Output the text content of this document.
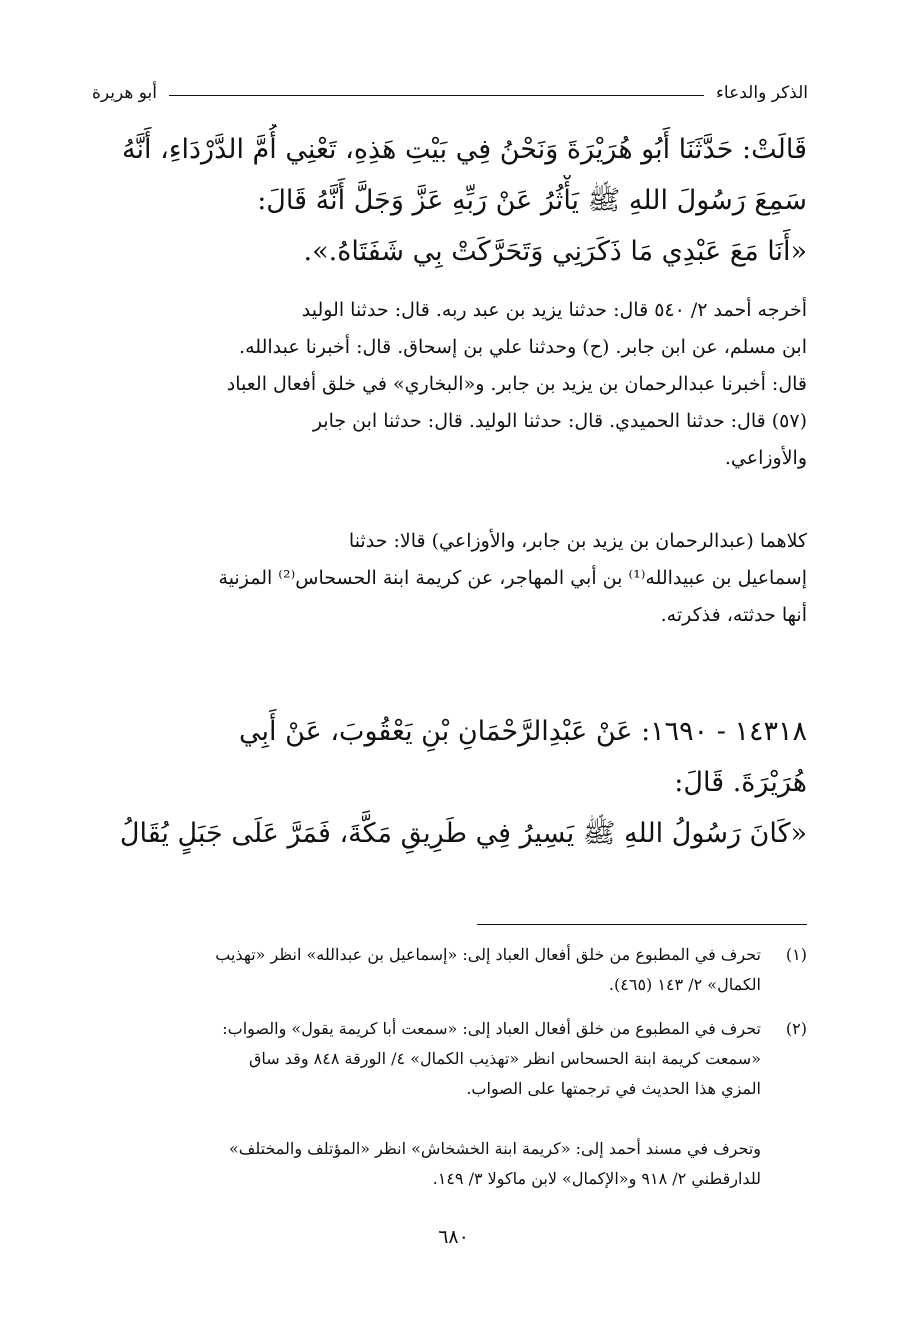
الذكر والدعاء
أبو هريرة
قَالَتْ: حَدَّثَنَا أَبُو هُرَيْرَةَ وَنَحْنُ فِي بَيْتِ هَذِهِ، تَعْنِي أُمَّ الدَّرْدَاءِ، أَنَّهُ
سَمِعَ رَسُولَ اللهِ ﷺ يَأْثُرُ عَنْ رَبِّهِ عَزَّ وَجَلَّ أَنَّهُ قَالَ:
«أَنَا مَعَ عَبْدِي مَا ذَكَرَنِي وَتَحَرَّكَتْ بِي شَفَتَاهُ.».
أخرجه أحمد ٢/ ٥٤٠ قال: حدثنا يزيد بن عبد ربه. قال: حدثنا الوليد
ابن مسلم، عن ابن جابر. (ح) وحدثنا علي بن إسحاق. قال: أخبرنا عبدالله.
قال: أخبرنا عبدالرحمان بن يزيد بن جابر. و«البخاري» في خلق أفعال العباد
(٥٧) قال: حدثنا الحميدي. قال: حدثنا الوليد. قال: حدثنا ابن جابر
والأوزاعي.
كلاهما (عبدالرحمان بن يزيد بن جابر، والأوزاعي) قالا: حدثنا
إسماعيل بن عبيدالله⁽¹⁾ بن أبي المهاجر، عن كريمة ابنة الحسحاس⁽²⁾ المزنية
أنها حدثته، فذكرته.
١٤٣١٨ - ١٦٩٠: عَنْ عَبْدِالرَّحْمَانِ بْنِ يَعْقُوبَ، عَنْ أَبِي
هُرَيْرَةَ. قَالَ:
«كَانَ رَسُولُ اللهِ ﷺ يَسِيرُ فِي طَرِيقِ مَكَّةَ، فَمَرَّ عَلَى جَبَلٍ يُقَالُ
(١)
تحرف في المطبوع من خلق أفعال العباد إلى: «إسماعيل بن عبدالله» انظر «تهذيب
الكمال» ٢/ ١٤٣ (٤٦٥).
(٢)
تحرف في المطبوع من خلق أفعال العباد إلى: «سمعت أبا كريمة يقول» والصواب:
«سمعت كريمة ابنة الحسحاس انظر «تهذيب الكمال» ٤/ الورقة ٨٤٨ وقد ساق
المزي هذا الحديث في ترجمتها على الصواب.
وتحرف في مسند أحمد إلى: «كريمة ابنة الخشخاش» انظر «المؤتلف والمختلف»
للدارقطني ٢/ ٩١٨ و«الإكمال» لابن ماكولا ٣/ ١٤٩.
٦٨٠
